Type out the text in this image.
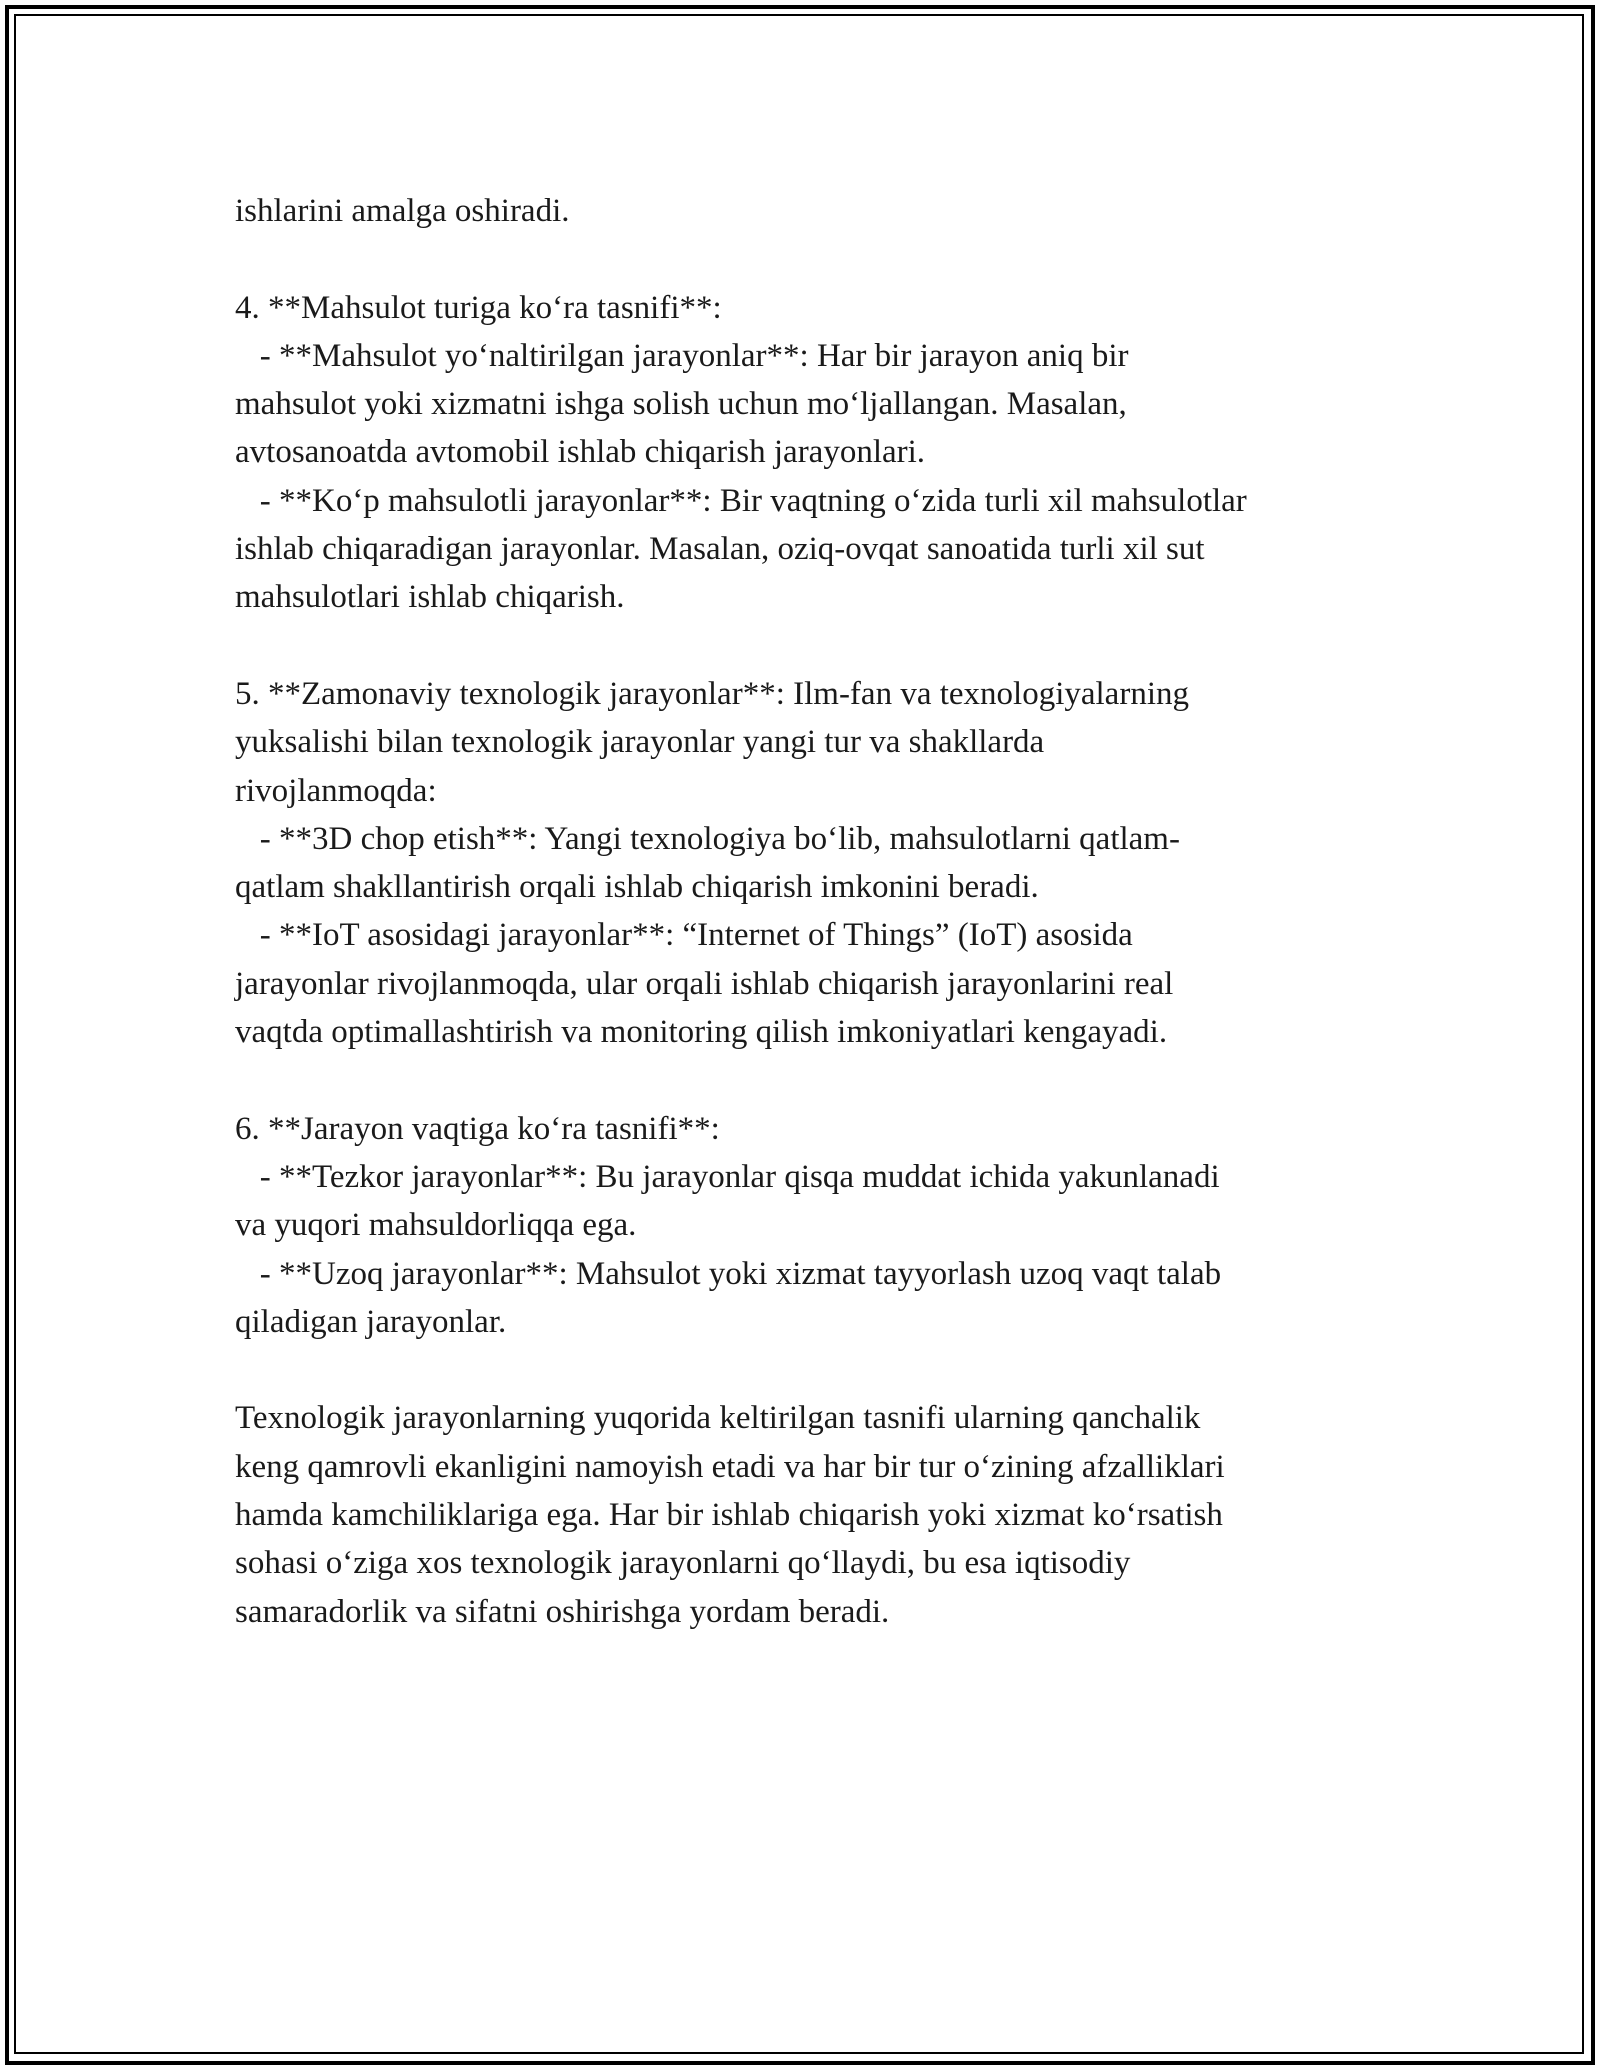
ishlarini amalga oshiradi.
4. **Mahsulot turiga ko‘ra tasnifi**:
- **Mahsulot yo‘naltirilgan jarayonlar**: Har bir jarayon aniq bir
mahsulot yoki xizmatni ishga solish uchun mo‘ljallangan. Masalan,
avtosanoatda avtomobil ishlab chiqarish jarayonlari.
- **Ko‘p mahsulotli jarayonlar**: Bir vaqtning o‘zida turli xil mahsulotlar
ishlab chiqaradigan jarayonlar. Masalan, oziq-ovqat sanoatida turli xil sut
mahsulotlari ishlab chiqarish.
5. **Zamonaviy texnologik jarayonlar**: Ilm-fan va texnologiyalarning
yuksalishi bilan texnologik jarayonlar yangi tur va shakllarda
rivojlanmoqda:
- **3D chop etish**: Yangi texnologiya bo‘lib, mahsulotlarni qatlam-
qatlam shakllantirish orqali ishlab chiqarish imkonini beradi.
- **IoT asosidagi jarayonlar**: “Internet of Things” (IoT) asosida
jarayonlar rivojlanmoqda, ular orqali ishlab chiqarish jarayonlarini real
vaqtda optimallashtirish va monitoring qilish imkoniyatlari kengayadi.
6. **Jarayon vaqtiga ko‘ra tasnifi**:
- **Tezkor jarayonlar**: Bu jarayonlar qisqa muddat ichida yakunlanadi
va yuqori mahsuldorliqqa ega.
- **Uzoq jarayonlar**: Mahsulot yoki xizmat tayyorlash uzoq vaqt talab
qiladigan jarayonlar.
Texnologik jarayonlarning yuqorida keltirilgan tasnifi ularning qanchalik
keng qamrovli ekanligini namoyish etadi va har bir tur o‘zining afzalliklari
hamda kamchiliklariga ega. Har bir ishlab chiqarish yoki xizmat ko‘rsatish
sohasi o‘ziga xos texnologik jarayonlarni qo‘llaydi, bu esa iqtisodiy
samaradorlik va sifatni oshirishga yordam beradi.
